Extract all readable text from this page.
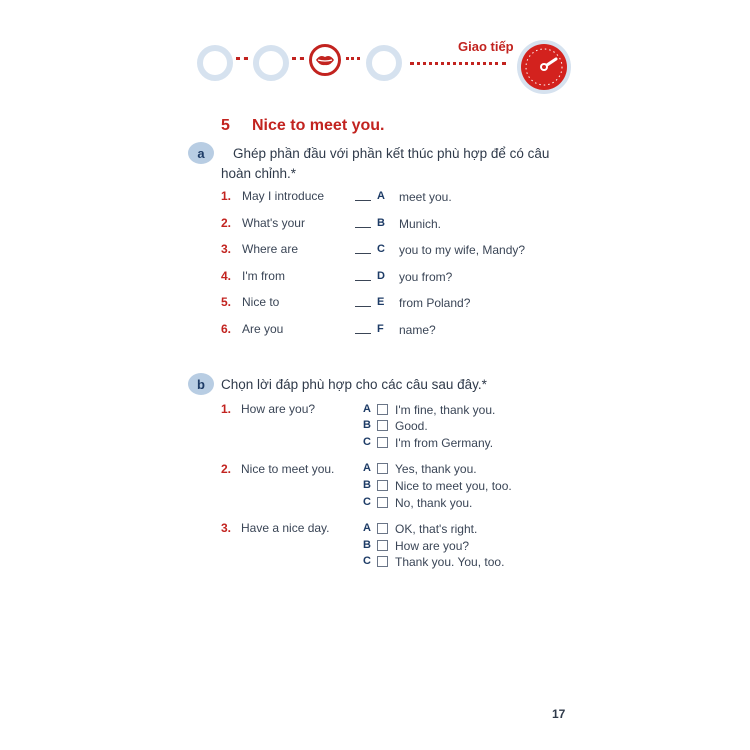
Giao tiếp
5 Nice to meet you.
a	Ghép phần đầu với phần kết thúc phù hợp để có câu
hoàn chỉnh.*
1. May I introduce	A meet you.
2. What's your	B Munich.
3. Where are	C you to my wife, Mandy?
4. I'm from	D you from?
5. Nice to	E from Poland?
6. Are you	F name?
b	Chọn lời đáp phù hợp cho các câu sau đây.*
1. How are you?	A I'm fine, thank you.
B Good.
C I'm from Germany.
2. Nice to meet you.	A Yes, thank you.
B Nice to meet you, too.
C No, thank you.
3. Have a nice day.	A OK, that's right.
B How are you?
C Thank you. You, too.
17
